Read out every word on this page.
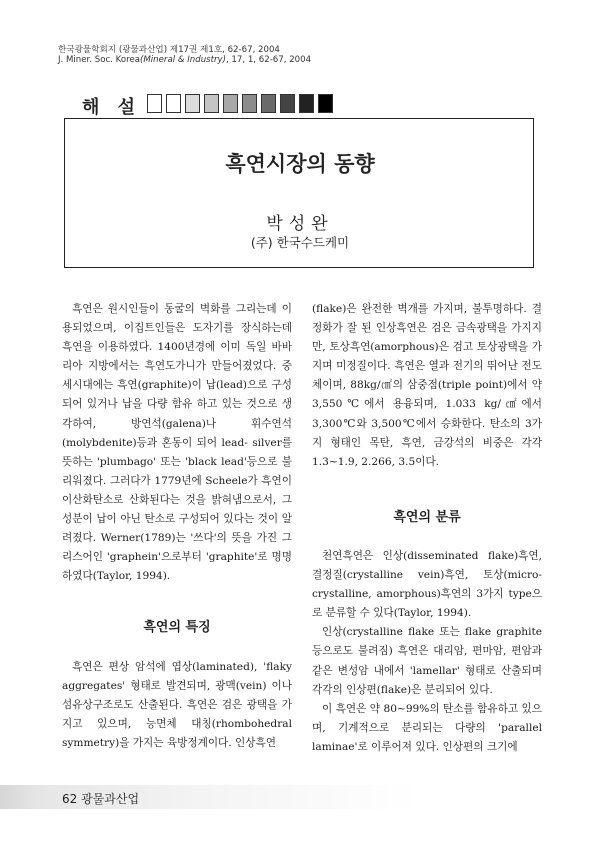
한국광물학회지 (광물과산업) 제17권 제1호, 62-67, 2004
J. Miner. Soc. Korea(Mineral & Industry), 17, 1, 62-67, 2004
해 설
흑연시장의 동향
박성완
(주) 한국수드케미

흑연은 원시인들이 동굴의 벽화를 그리는데 이용되었으며, 이집트인들은 도자기를 장식하는데 흑연을 이용하였다. 1400년경에 이미 독일 바바리아 지방에서는 흑연도가니가 만들어졌었다. 중세시대에는 흑연(graphite)이 납(lead)으로 구성되어 있거나 납을 다량 함유 하고 있는 것으로 생각하여, 방연석(galena)나 휘수연석(molybdenite)등과 혼동이 되어 lead- silver를 뜻하는 'plumbago' 또는 'black lead'등으로 불리워졌다. 그러다가 1779년에 Scheele가 흑연이 이산화탄소로 산화된다는 것을 밝혀냄으로서, 그 성분이 납이 아닌 탄소로 구성되어 있다는 것이 알려졌다. Werner(1789)는 '쓰다'의 뜻을 가진 그리스어인 'graphein'으로부터 'graphite'로 명명하였다(Taylor, 1994).

흑연의 특징

흑연은 편상 암석에 엽상(laminated), 'flaky aggregates' 형태로 발견되며, 광맥(vein) 이나 섬유상구조로도 산출된다. 흑연은 검은 광택을 가지고 있으며, 능면체 대칭(rhombohedral symmetry)을 가지는 육방정계이다. 인상흑연

(flake)은 완전한 벽개를 가지며, 불투명하다. 결정화가 잘 된 인상흑연은 검은 금속광택을 가지지만, 토상흑연(amorphous)은 검고 토상광택을 가지며 미정질이다. 흑연은 열과 전기의 뛰어난 전도체이며, 88kg/㎠의 삼중점(triple point)에서 약 3,550℃에서 용융되며, 1.033 kg/㎠에서 3,300℃와 3,500℃에서 승화한다. 탄소의 3가지 형태인 목탄, 흑연, 금강석의 비중은 각각 1.3~1.9, 2.266, 3.5이다.

흑연의 분류

천연흑연은 인상(disseminated flake)흑연, 결정질(crystalline vein)흑연, 토상(micro-crystalline, amorphous)흑연의 3가지 type으로 분류할 수 있다(Taylor, 1994).

인상(crystalline flake 또는 flake graphite 등으로도 불려짐) 흑연은 대리암, 편마암, 편암과 같은 변성암 내에서 'lamellar' 형태로 산출되며 각각의 인상편(flake)은 분리되어 있다.

이 흑연은 약 80~99%의 탄소를 함유하고 있으며, 기계적으로 분리되는 다량의 'parallel laminae'로 이루어져 있다. 인상편의 크기에

62 광물과산업
